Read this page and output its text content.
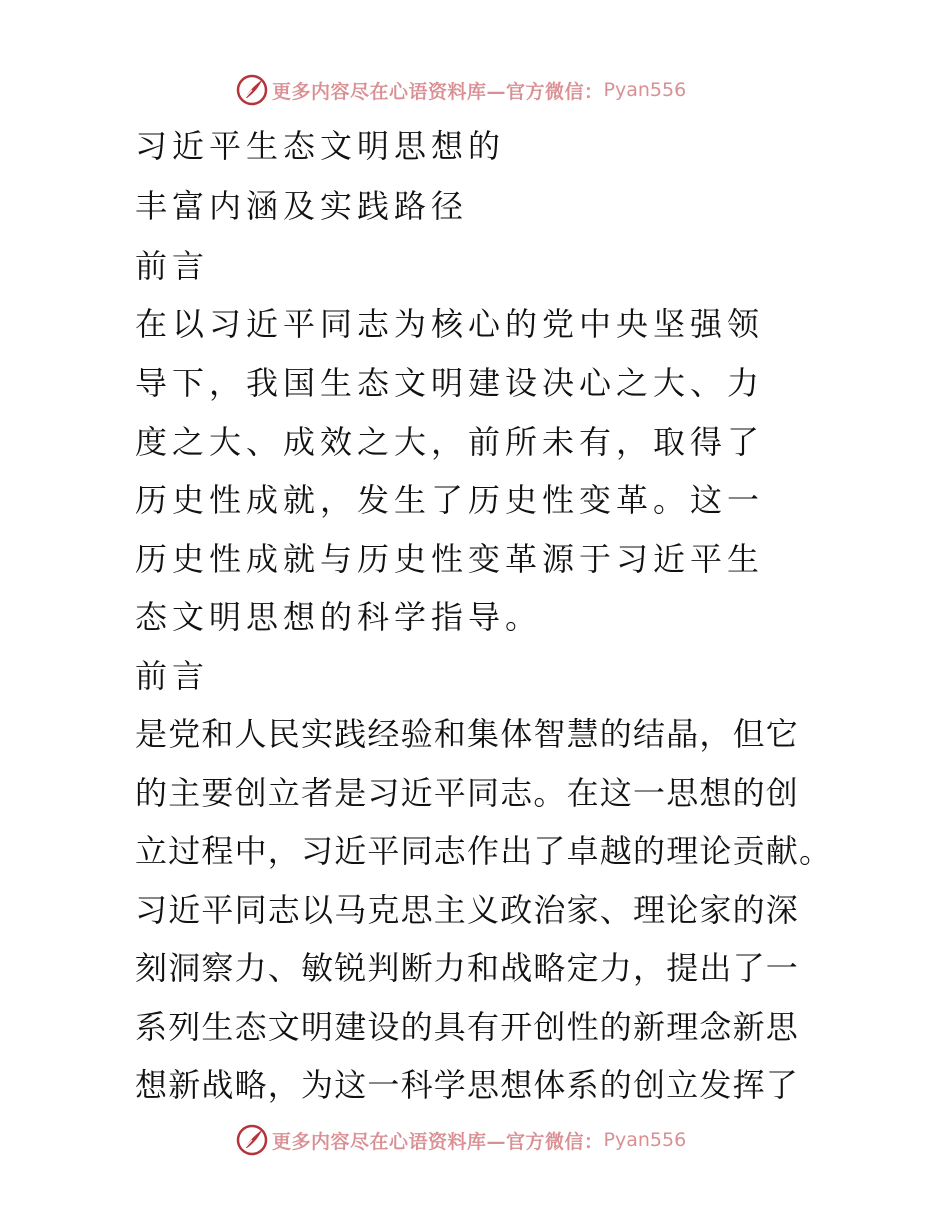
更多内容尽在心语资料库—官方微信： Pyan556
习近平生态文明思想的
丰富内涵及实践路径
前言
在以习近平同志为核心的党中央坚强领
导下，我国生态文明建设决心之大、力
度之大、成效之大，前所未有，取得了
历史性成就，发生了历史性变革。这一
历史性成就与历史性变革源于习近平生
态文明思想的科学指导。
前言
是党和人民实践经验和集体智慧的结晶，但它
的主要创立者是习近平同志。在这一思想的创
立过程中，习近平同志作出了卓越的理论贡献。
习近平同志以马克思主义政治家、理论家的深
刻洞察力、敏锐判断力和战略定力，提出了一
系列生态文明建设的具有开创性的新理念新思
想新战略，为这一科学思想体系的创立发挥了
更多内容尽在心语资料库—官方微信： Pyan556
